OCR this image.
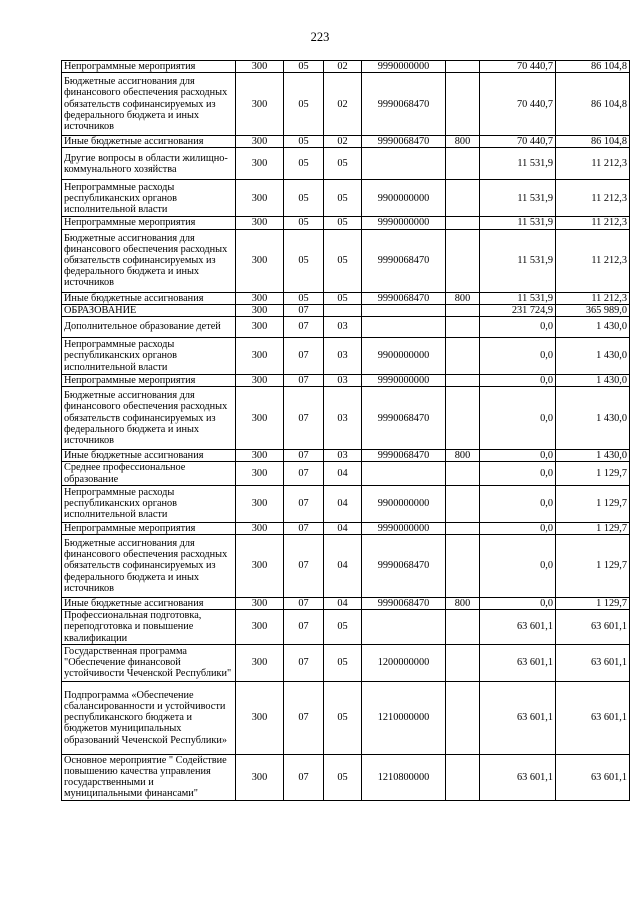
223
Непрограммные мероприятия	300	05	02	9990000000		70 440,7	86 104,8
Бюджетные ассигнования для финансового обеспечения расходных обязательств софинансируемых из федерального бюджета и иных источников	300	05	02	9990068470		70 440,7	86 104,8
Иные бюджетные ассигнования	300	05	02	9990068470	800	70 440,7	86 104,8
Другие вопросы в области жилищно-коммунального хозяйства	300	05	05			11 531,9	11 212,3
Непрограммные расходы республиканских органов исполнительной власти	300	05	05	9900000000		11 531,9	11 212,3
Непрограммные мероприятия	300	05	05	9990000000		11 531,9	11 212,3
Бюджетные ассигнования для финансового обеспечения расходных обязательств софинансируемых из федерального бюджета и иных источников	300	05	05	9990068470		11 531,9	11 212,3
Иные бюджетные ассигнования	300	05	05	9990068470	800	11 531,9	11 212,3
ОБРАЗОВАНИЕ	300	07				231 724,9	365 989,0
Дополнительное образование детей	300	07	03			0,0	1 430,0
Непрограммные расходы республиканских органов исполнительной власти	300	07	03	9900000000		0,0	1 430,0
Непрограммные мероприятия	300	07	03	9990000000		0,0	1 430,0
Бюджетные ассигнования для финансового обеспечения расходных обязательств софинансируемых из федерального бюджета и иных источников	300	07	03	9990068470		0,0	1 430,0
Иные бюджетные ассигнования	300	07	03	9990068470	800	0,0	1 430,0
Среднее профессиональное образование	300	07	04			0,0	1 129,7
Непрограммные расходы республиканских органов исполнительной власти	300	07	04	9900000000		0,0	1 129,7
Непрограммные мероприятия	300	07	04	9990000000		0,0	1 129,7
Бюджетные ассигнования для финансового обеспечения расходных обязательств софинансируемых из федерального бюджета и иных источников	300	07	04	9990068470		0,0	1 129,7
Иные бюджетные ассигнования	300	07	04	9990068470	800	0,0	1 129,7
Профессиональная подготовка, переподготовка и повышение квалификации	300	07	05			63 601,1	63 601,1
Государственная программа "Обеспечение финансовой устойчивости Чеченской Республики"	300	07	05	1200000000		63 601,1	63 601,1
Подпрограмма «Обеспечение сбалансированности и устойчивости республиканского бюджета и бюджетов муниципальных образований Чеченской Республики»	300	07	05	1210000000		63 601,1	63 601,1
Основное мероприятие " Содействие повышению качества управления государственными и муниципальными финансами"	300	07	05	1210800000		63 601,1	63 601,1
